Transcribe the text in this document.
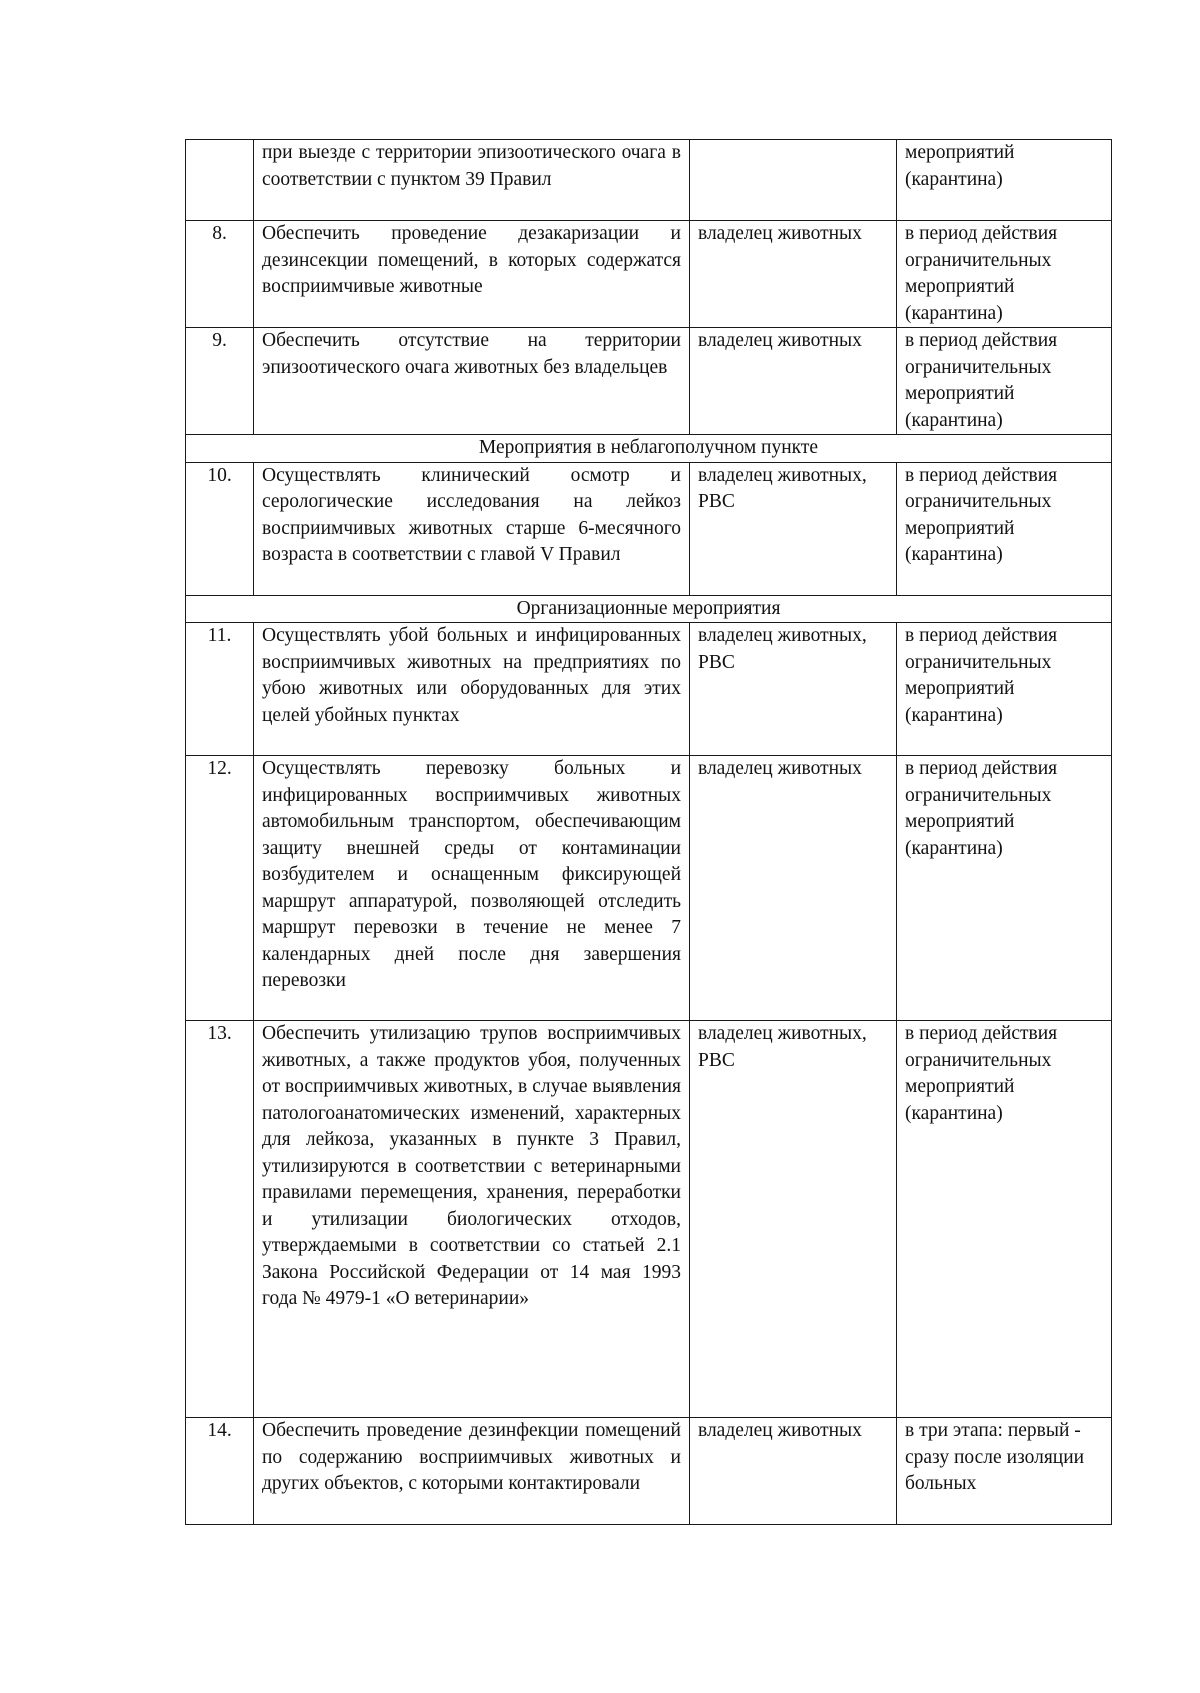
	при выезде с территории эпизоотического очага в соответствии с пунктом 39 Правил		мероприятий (карантина)
8.	Обеспечить проведение дезакаризации и дезинсекции помещений, в которых содержатся восприимчивые животные	владелец животных	в период действия ограничительных мероприятий (карантина)
9.	Обеспечить отсутствие на территории эпизоотического очага животных без владельцев	владелец животных	в период действия ограничительных мероприятий (карантина)
Мероприятия в неблагополучном пункте			
10.	Осуществлять клинический осмотр и серологические исследования на лейкоз восприимчивых животных старше 6-месячного возраста в соответствии с главой V Правил	владелец животных, РВС	в период действия ограничительных мероприятий (карантина)
Организационные мероприятия			
11.	Осуществлять убой больных и инфицированных восприимчивых животных на предприятиях по убою животных или оборудованных для этих целей убойных пунктах	владелец животных, РВС	в период действия ограничительных мероприятий (карантина)
12.	Осуществлять перевозку больных и инфицированных восприимчивых животных автомобильным транспортом, обеспечивающим защиту внешней среды от контаминации возбудителем и оснащенным фиксирующей маршрут аппаратурой, позволяющей отследить маршрут перевозки в течение не менее 7 календарных дней после дня завершения перевозки	владелец животных	в период действия ограничительных мероприятий (карантина)
13.	Обеспечить утилизацию трупов восприимчивых животных, а также продуктов убоя, полученных от восприимчивых животных, в случае выявления патологоанатомических изменений, характерных для лейкоза, указанных в пункте 3 Правил, утилизируются в соответствии с ветеринарными правилами перемещения, хранения, переработки и утилизации биологических отходов, утверждаемыми в соответствии со статьей 2.1 Закона Российской Федерации от 14 мая 1993 года № 4979-1 «О ветеринарии»	владелец животных, РВС	в период действия ограничительных мероприятий (карантина)
14.	Обеспечить проведение дезинфекции помещений по содержанию восприимчивых животных и других объектов, с которыми контактировали	владелец животных	в три этапа: первый - сразу после изоляции больных
